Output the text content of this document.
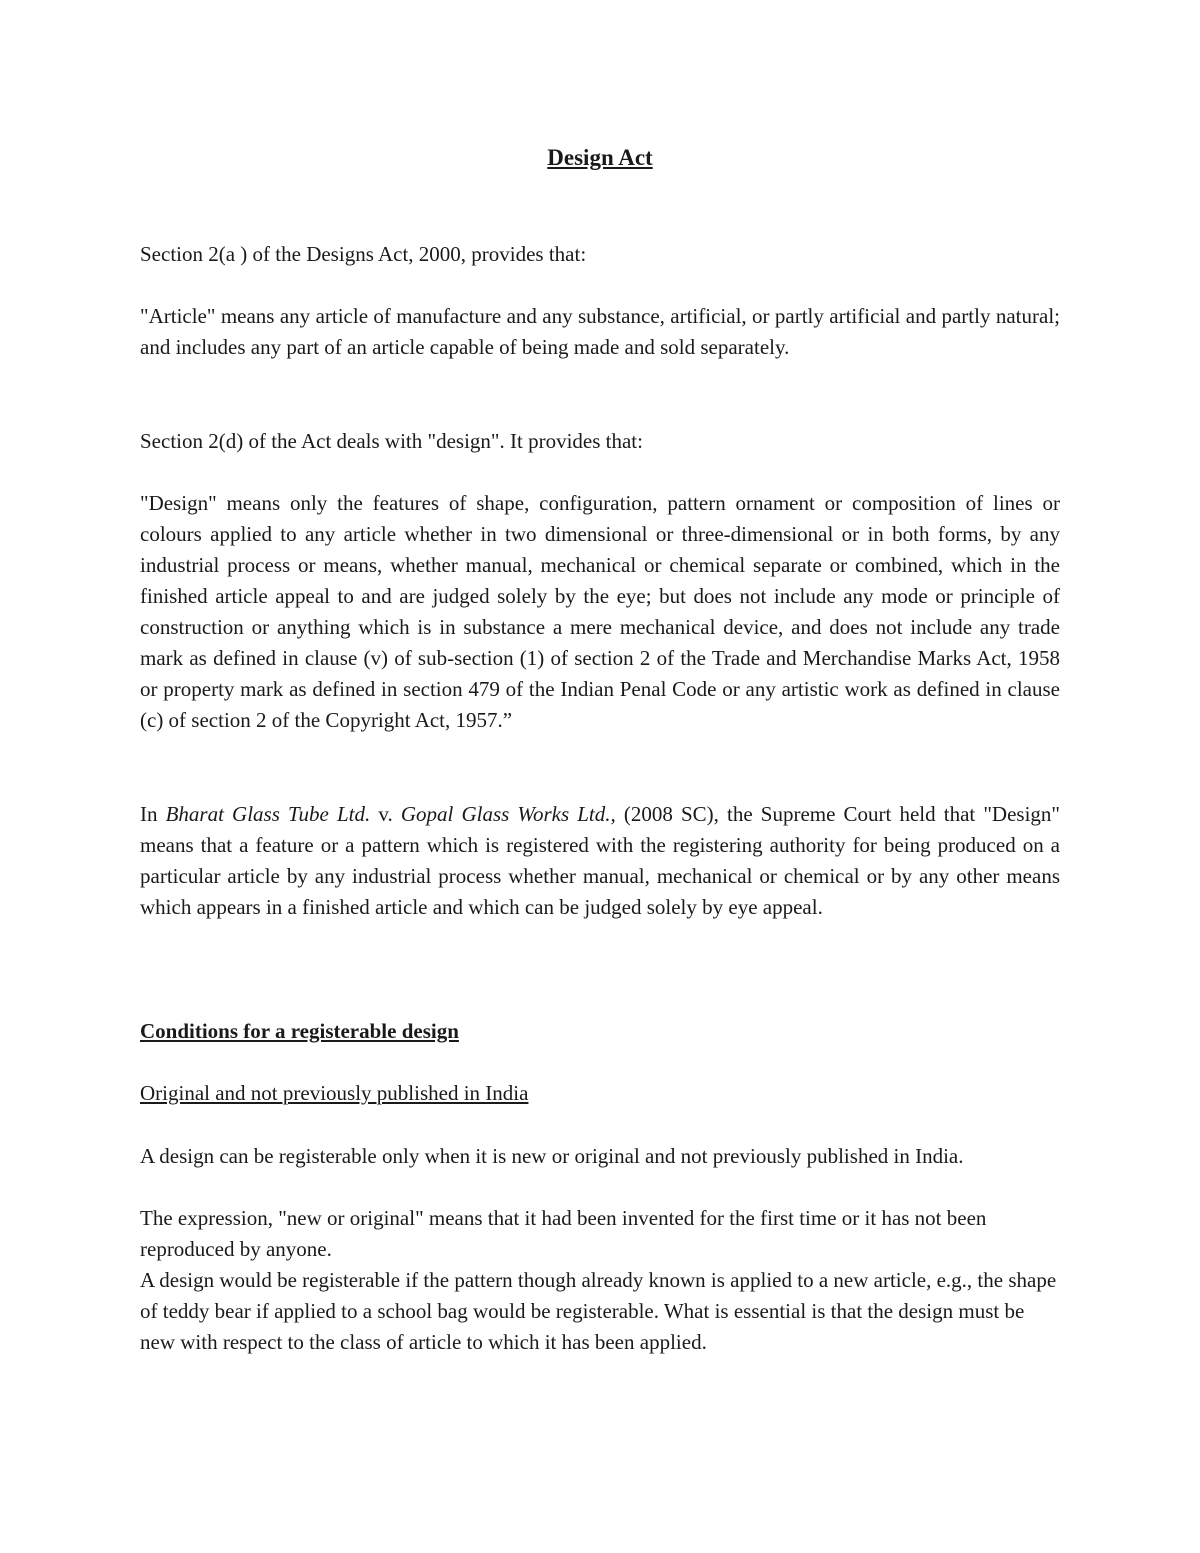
Design Act

Section 2(a ) of the Designs Act, 2000, provides that:

"Article" means any article of manufacture and any substance, artificial, or partly artificial and partly natural; and includes any part of an article capable of being made and sold separately.

Section 2(d) of the Act deals with "design". It provides that:

"Design" means only the features of shape, configuration, pattern ornament or composition of lines or colours applied to any article whether in two dimensional or three-dimensional or in both forms, by any industrial process or means, whether manual, mechanical or chemical separate or combined, which in the finished article appeal to and are judged solely by the eye; but does not include any mode or principle of construction or anything which is in substance a mere mechanical device, and does not include any trade mark as defined in clause (v) of sub-section (1) of section 2 of the Trade and Merchandise Marks Act, 1958 or property mark as defined in section 479 of the Indian Penal Code or any artistic work as defined in clause (c) of section 2 of the Copyright Act, 1957.”

In Bharat Glass Tube Ltd. v. Gopal Glass Works Ltd., (2008 SC), the Supreme Court held that "Design" means that a feature or a pattern which is registered with the registering authority for being produced on a particular article by any industrial process whether manual, mechanical or chemical or by any other means which appears in a finished article and which can be judged solely by eye appeal.

Conditions for a registerable design

Original and not previously published in India

A design can be registerable only when it is new or original and not previously published in India.

The expression, "new or original" means that it had been invented for the first time or it has not been reproduced by anyone.

A design would be registerable if the pattern though already known is applied to a new article, e.g., the shape of teddy bear if applied to a school bag would be registerable. What is essential is that the design must be new with respect to the class of article to which it has been applied.
